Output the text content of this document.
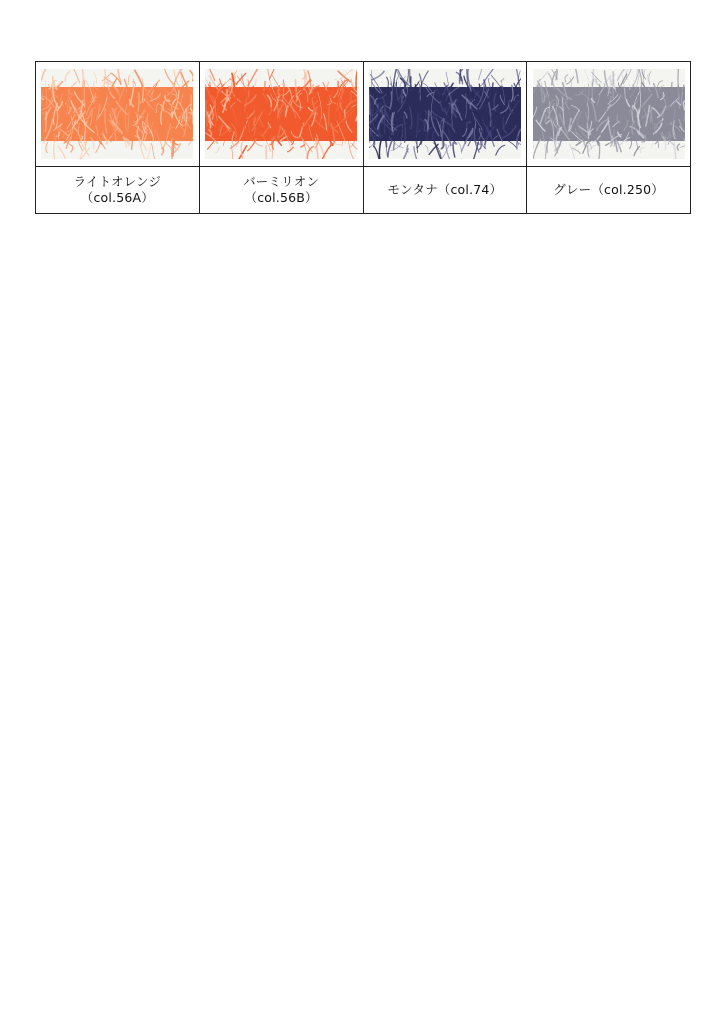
ライトオレンジ
（col.56A）	バーミリオン
（col.56B）	モンタナ（col.74）	グレー（col.250）
